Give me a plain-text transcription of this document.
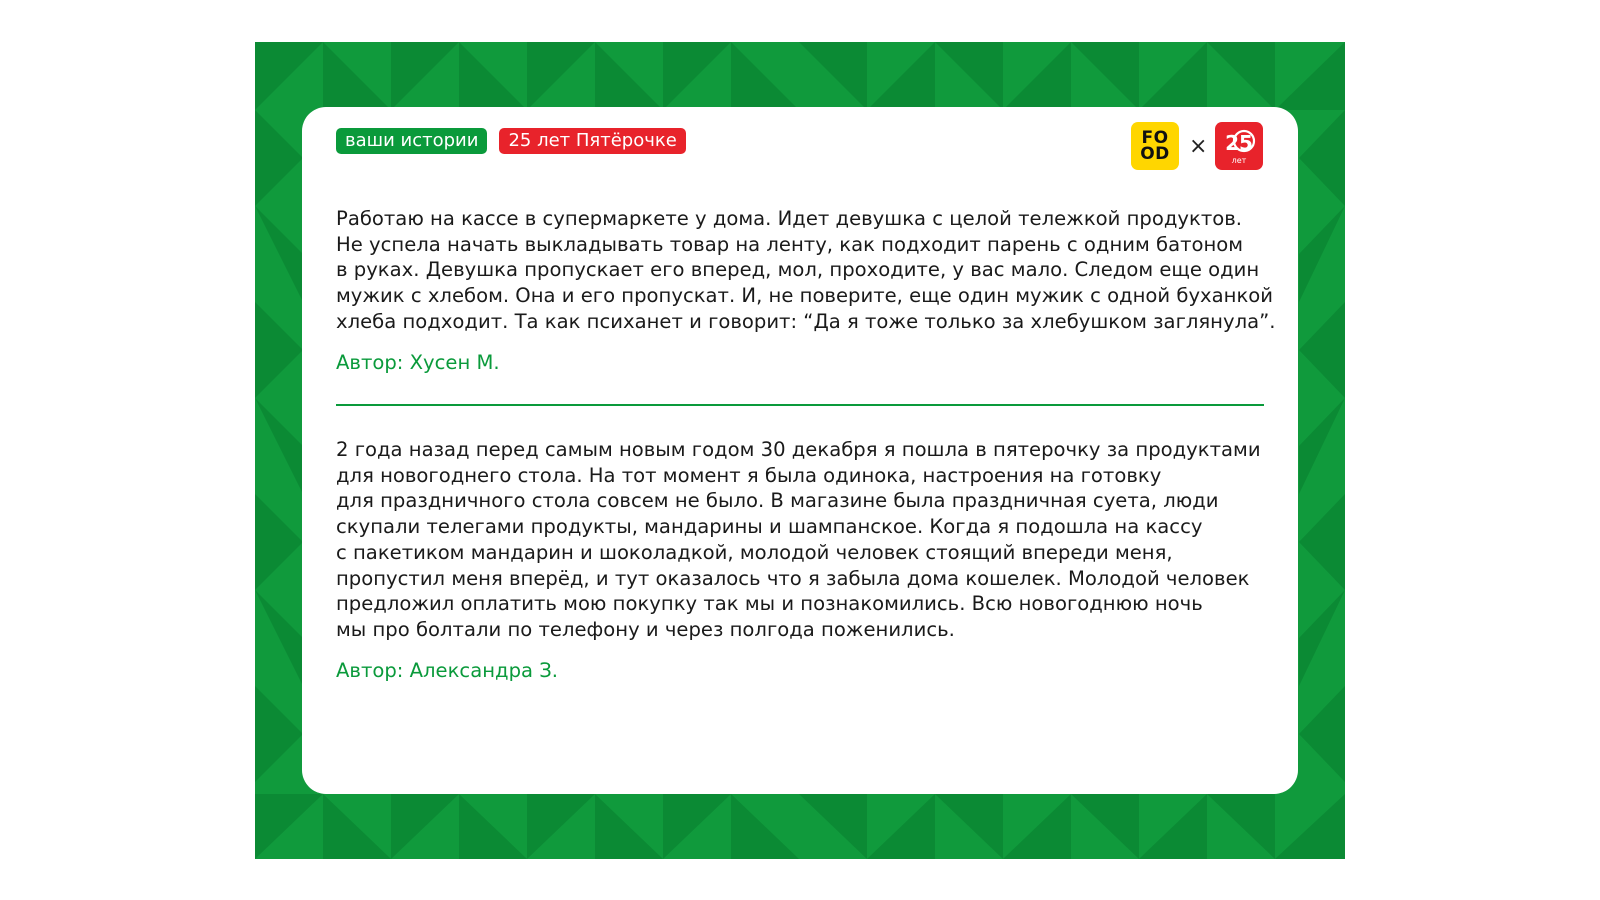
ваши истории	25 лет Пятёрочке	FO
OD × 25
лет
Работаю на кассе в супермаркете у дома. Идет девушка с целой тележкой продуктов.
Не успела начать выкладывать товар на ленту, как подходит парень с одним батоном
в руках. Девушка пропускает его вперед, мол, проходите, у вас мало. Следом еще один
мужик с хлебом. Она и его пропускат. И, не поверите, еще один мужик с одной буханкой
хлеба подходит. Та как психанет и говорит: “Да я тоже только за хлебушком заглянула”.
Автор: Хусен М.
2 года назад перед самым новым годом 30 декабря я пошла в пятерочку за продуктами
для новогоднего стола. На тот момент я была одинока, настроения на готовку
для праздничного стола совсем не было. В магазине была праздничная суета, люди
скупали телегами продукты, мандарины и шампанское. Когда я подошла на кассу
с пакетиком мандарин и шоколадкой, молодой человек стоящий впереди меня,
пропустил меня вперёд, и тут оказалось что я забыла дома кошелек. Молодой человек
предложил оплатить мою покупку так мы и познакомились. Всю новогоднюю ночь
мы про болтали по телефону и через полгода поженились.
Автор: Александра З.
